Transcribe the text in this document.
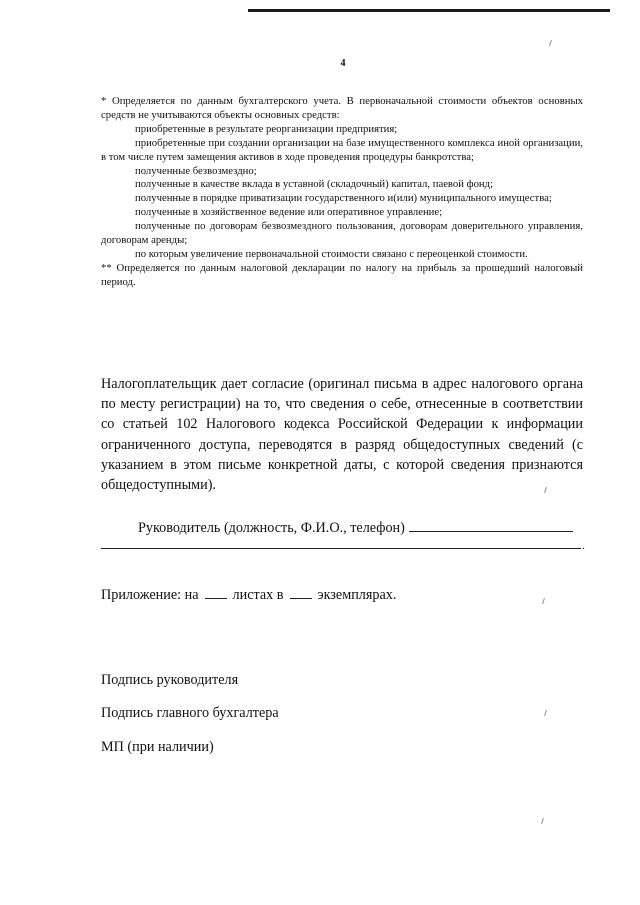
4

* Определяется по данным бухгалтерского учета. В первоначальной стоимости объектов основных средств не учитываются объекты основных средств:

приобретенные в результате реорганизации предприятия;

приобретенные при создании организации на базе имущественного комплекса иной организации, в том числе путем замещения активов в ходе проведения процедуры банкротства;

полученные безвозмездно;

полученные в качестве вклада в уставной (складочный) капитал, паевой фонд;

полученные в порядке приватизации государственного и(или) муниципального имущества;

полученные в хозяйственное ведение или оперативное управление;

полученные по договорам безвозмездного пользования, договорам доверительного управления, договорам аренды;

по которым увеличение первоначальной стоимости связано с переоценкой стоимости.

** Определяется по данным налоговой декларации по налогу на прибыль за прошедший налоговый период.

Налогоплательщик дает согласие (оригинал письма в адрес налогового органа по месту регистрации) на то, что сведения о себе, отнесенные в соответствии со статьей 102 Налогового кодекса Российской Федерации к информации ограниченного доступа, переводятся в разряд общедоступных сведений (с указанием в этом письме конкретной даты, с которой сведения признаются общедоступными).

Руководитель (должность, Ф.И.О., телефон)
.
Приложение: на листах в экземплярах.
Подпись руководителя
Подпись главного бухгалтера
МП (при наличии)
